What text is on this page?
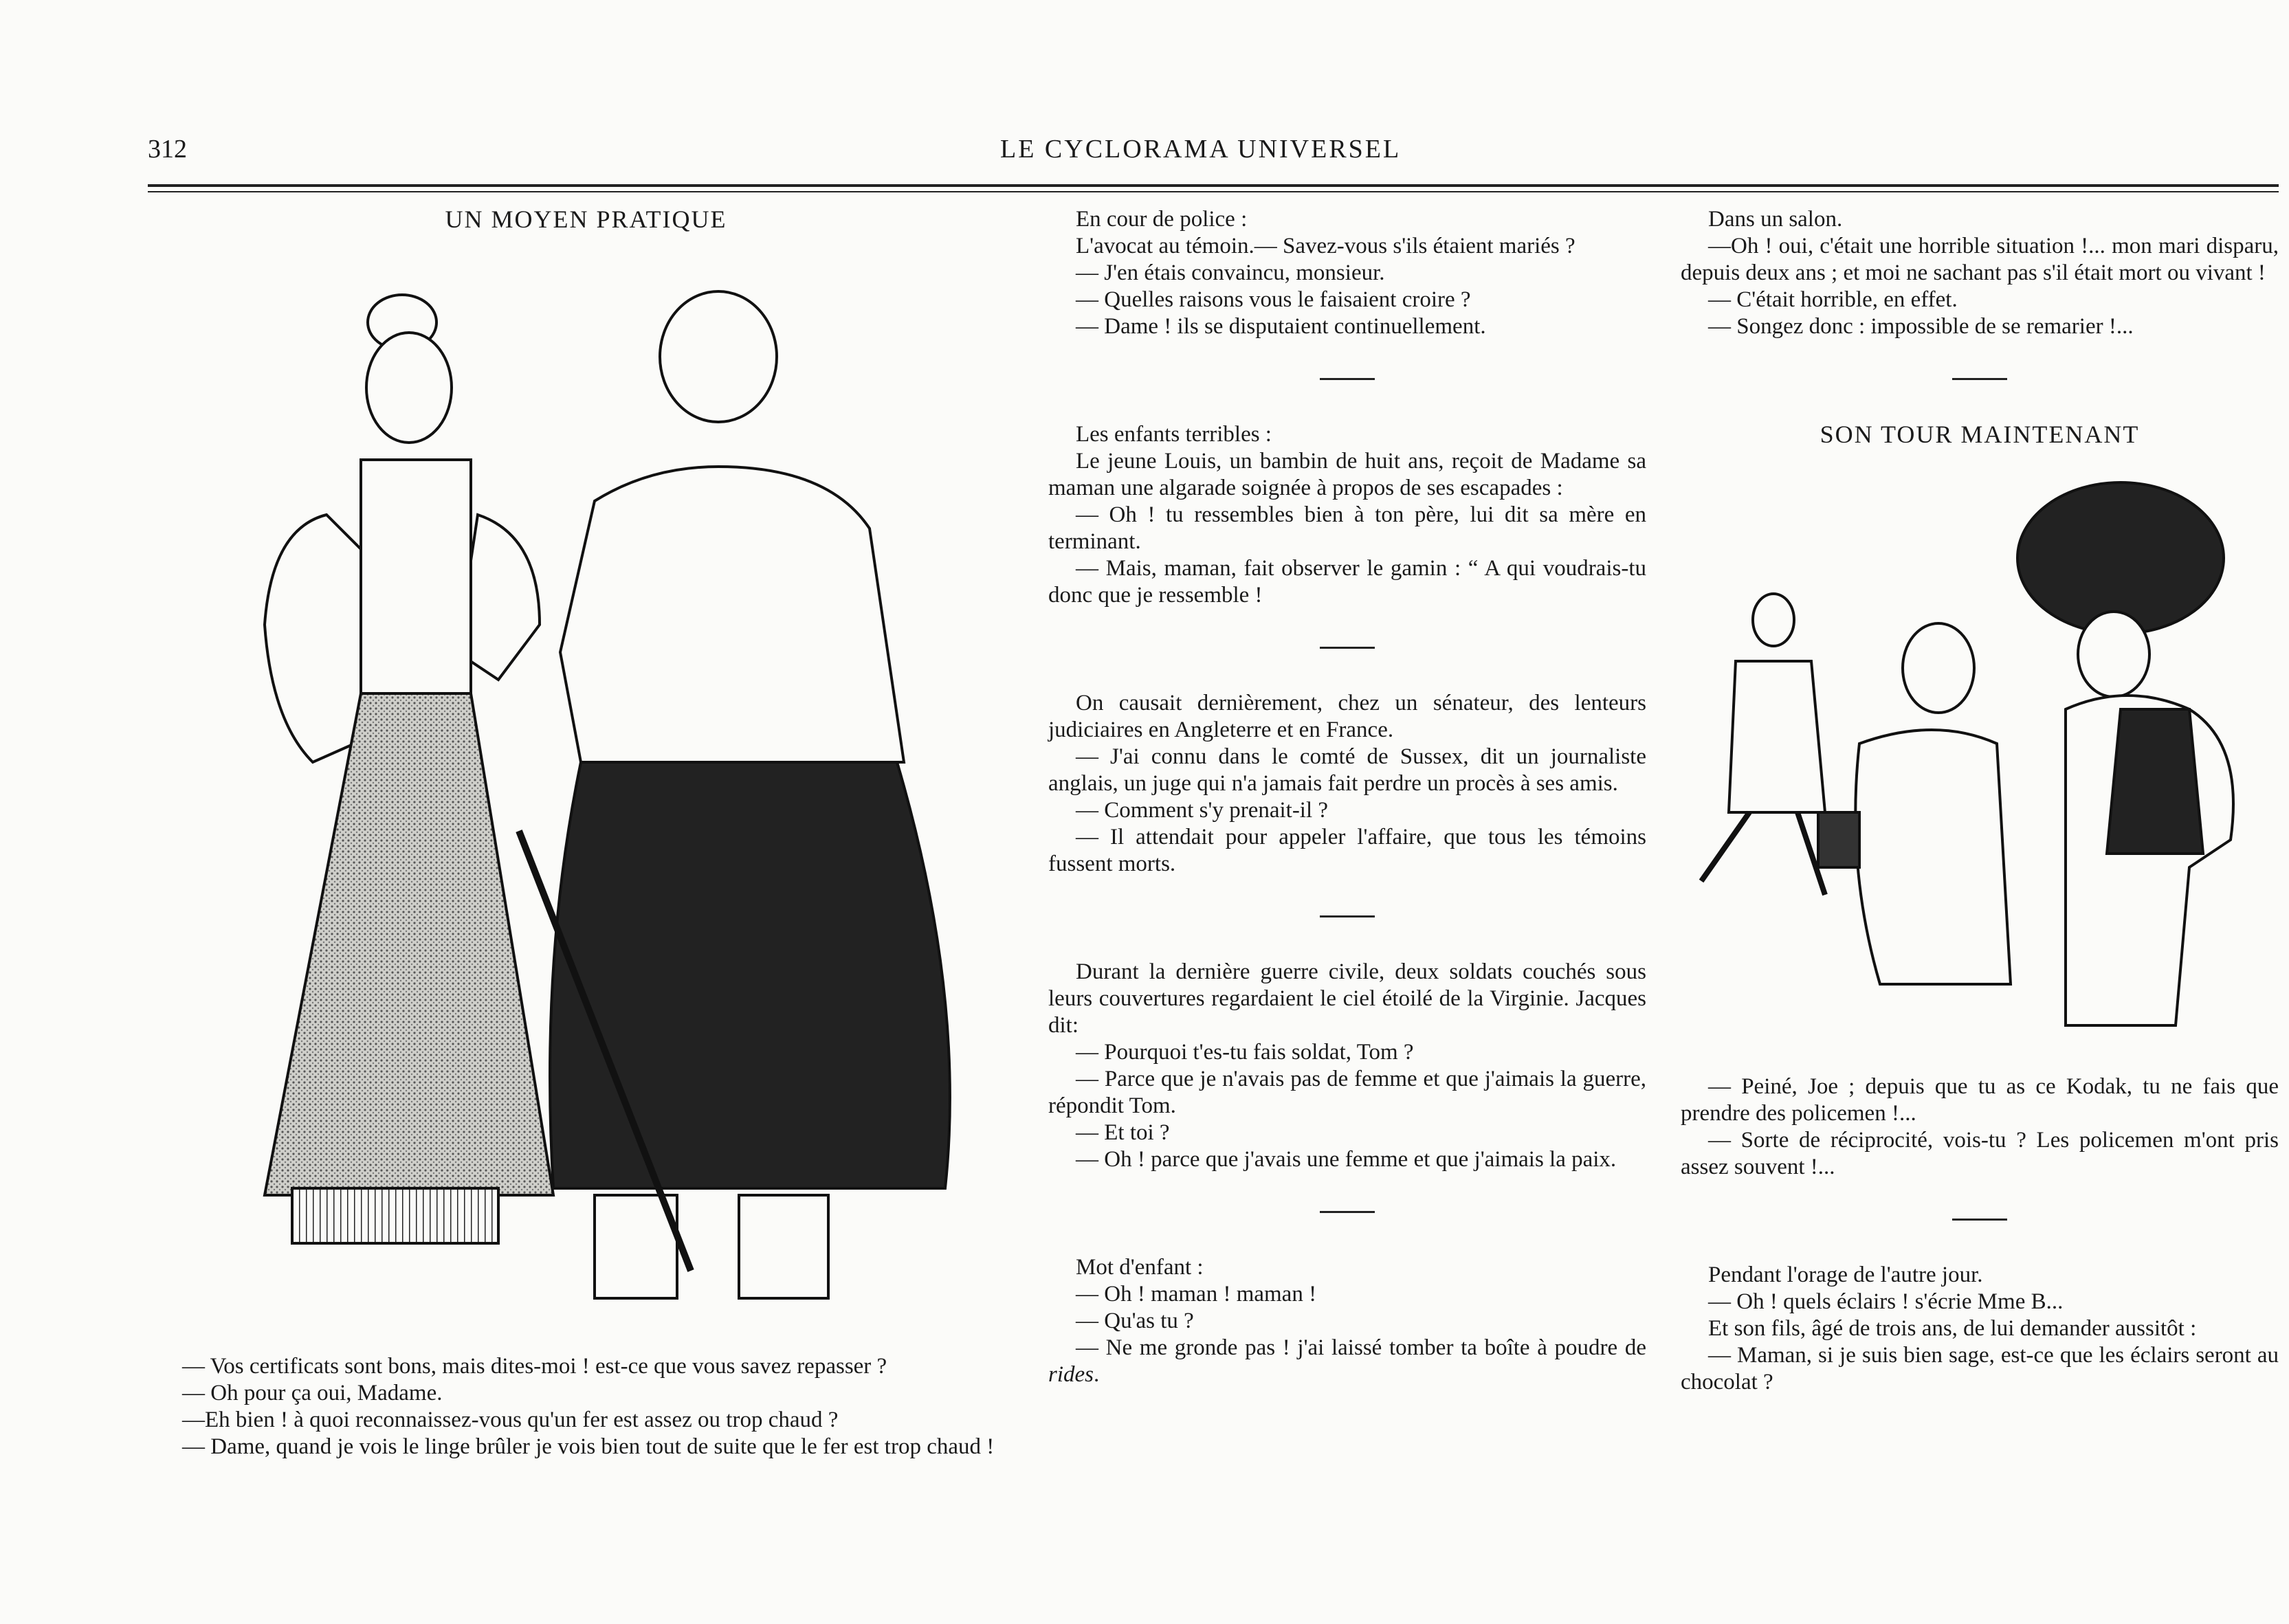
312	LE CYCLORAMA UNIVERSEL
UN MOYEN PRATIQUE

— Vos certificats sont bons, mais dites-moi ! est-ce que vous savez repasser ?

— Oh pour ça oui, Madame.

—Eh bien ! à quoi reconnaissez-vous qu'un fer est assez ou trop chaud ?

— Dame, quand je vois le linge brûler je vois bien tout de suite que le fer est trop chaud !

En cour de police :

L'avocat au témoin.— Savez-vous s'ils étaient mariés ?

— J'en étais convaincu, monsieur.

— Quelles raisons vous le faisaient croire ?

— Dame ! ils se disputaient continuellement.

Les enfants terribles :

Le jeune Louis, un bambin de huit ans, reçoit de Madame sa maman une algarade soignée à propos de ses escapades :

— Oh ! tu ressembles bien à ton père, lui dit sa mère en terminant.

— Mais, maman, fait observer le gamin : “ A qui voudrais-tu donc que je ressemble !

On causait dernièrement, chez un sénateur, des lenteurs judiciaires en Angleterre et en France.

— J'ai connu dans le comté de Sussex, dit un journaliste anglais, un juge qui n'a jamais fait perdre un procès à ses amis.

— Comment s'y prenait-il ?

— Il attendait pour appeler l'affaire, que tous les témoins fussent morts.

Durant la dernière guerre civile, deux soldats couchés sous leurs couvertures regardaient le ciel étoilé de la Virginie. Jacques dit:

— Pourquoi t'es-tu fais soldat, Tom ?

— Parce que je n'avais pas de femme et que j'aimais la guerre, répondit Tom.

— Et toi ?

— Oh ! parce que j'avais une femme et que j'aimais la paix.

Mot d'enfant :

— Oh ! maman ! maman !

— Qu'as tu ?

— Ne me gronde pas ! j'ai laissé tomber ta boîte à poudre de rides.

Dans un salon.

—Oh ! oui, c'était une horrible situation !... mon mari disparu, depuis deux ans ; et moi ne sachant pas s'il était mort ou vivant !

— C'était horrible, en effet.

— Songez donc : impossible de se remarier !...

SON TOUR MAINTENANT

— Peiné, Joe ; depuis que tu as ce Kodak, tu ne fais que prendre des policemen !...

— Sorte de réciprocité, vois-tu ? Les policemen m'ont pris assez souvent !...

Pendant l'orage de l'autre jour.

— Oh ! quels éclairs ! s'écrie Mme B...

Et son fils, âgé de trois ans, de lui demander aussitôt :

— Maman, si je suis bien sage, est-ce que les éclairs seront au chocolat ?
